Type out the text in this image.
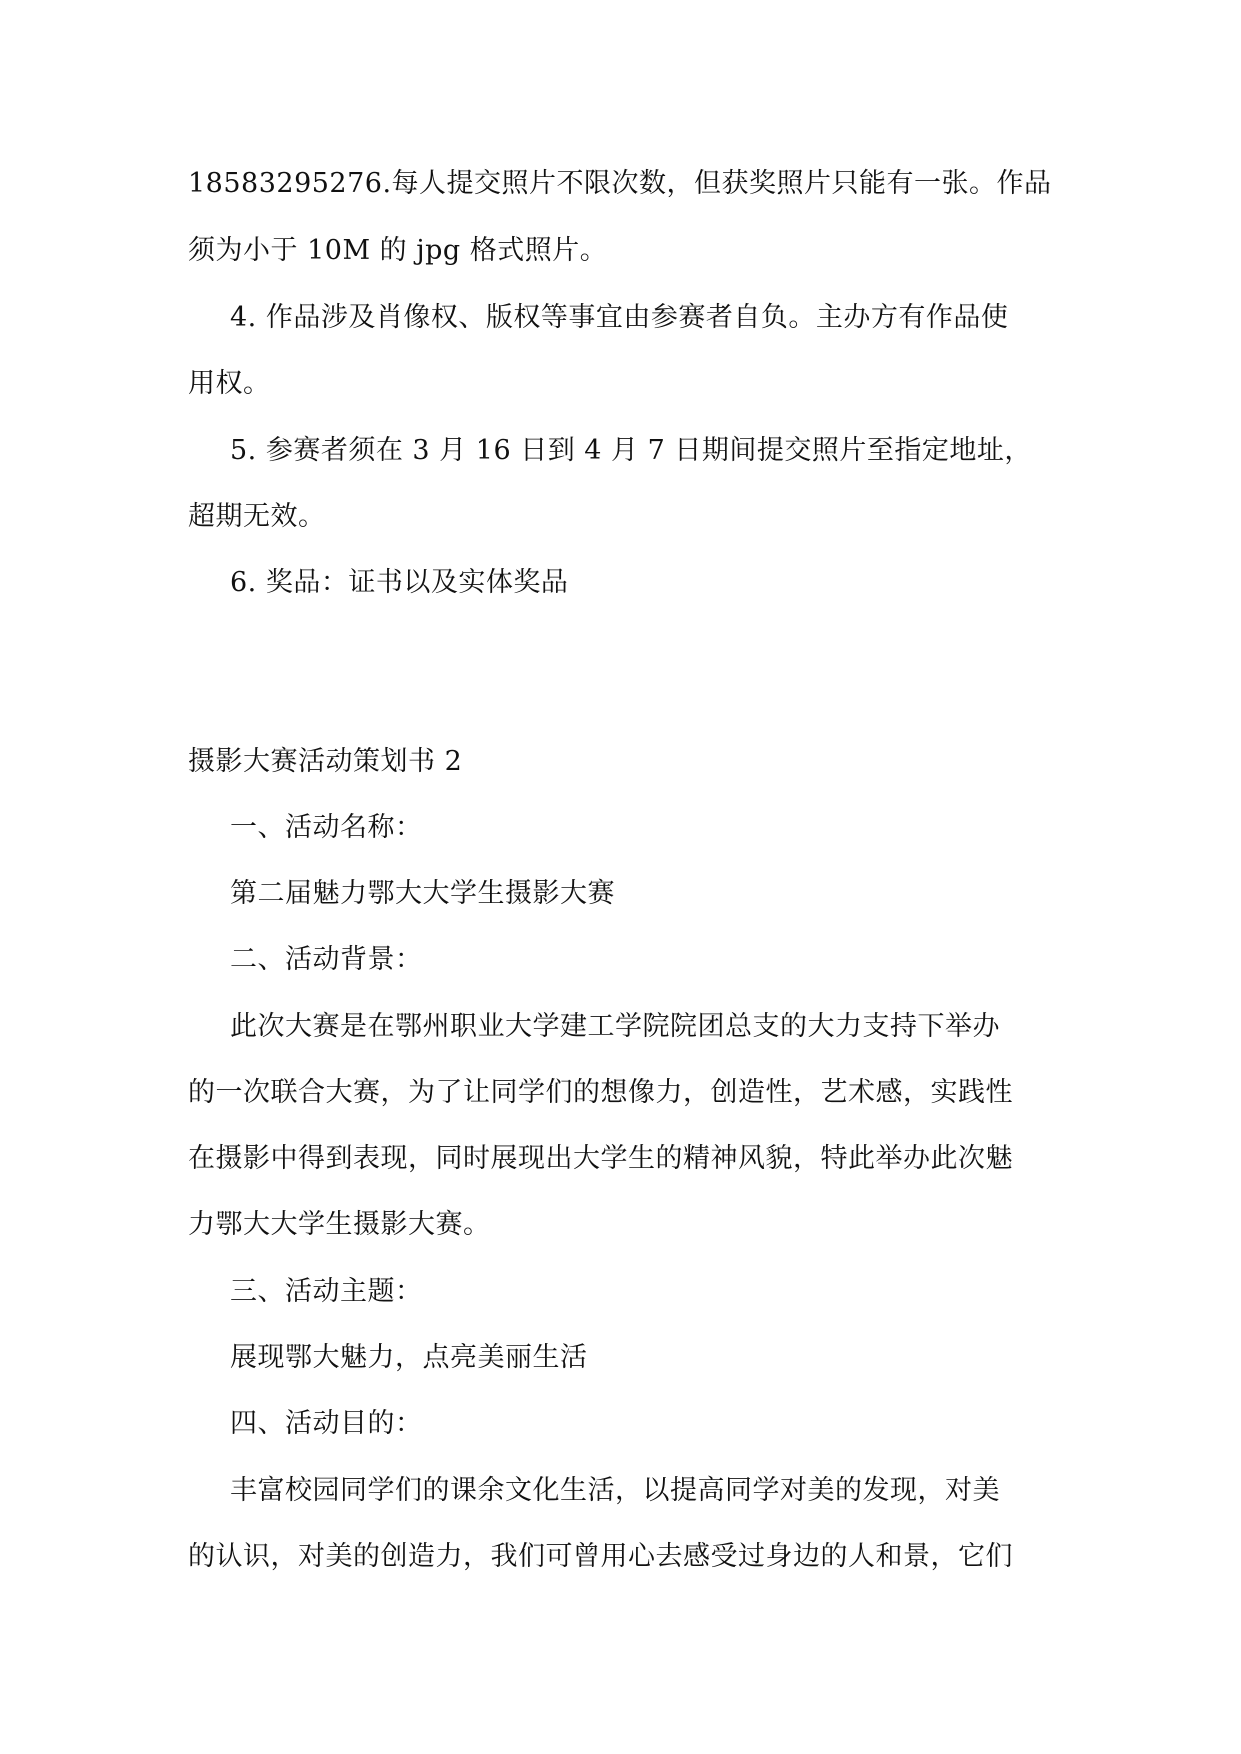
18583295276.每人提交照片不限次数，但获奖照片只能有一张。作品
须为小于 10M 的 jpg 格式照片。
4. 作品涉及肖像权、版权等事宜由参赛者自负。主办方有作品使
用权。
5. 参赛者须在 3 月 16 日到 4 月 7 日期间提交照片至指定地址，
超期无效。
6. 奖品：证书以及实体奖品
摄影大赛活动策划书 2
一、活动名称：
第二届魅力鄂大大学生摄影大赛
二、活动背景：
此次大赛是在鄂州职业大学建工学院院团总支的大力支持下举办
的一次联合大赛，为了让同学们的想像力，创造性，艺术感，实践性
在摄影中得到表现，同时展现出大学生的精神风貌，特此举办此次魅
力鄂大大学生摄影大赛。
三、活动主题：
展现鄂大魅力，点亮美丽生活
四、活动目的：
丰富校园同学们的课余文化生活，以提高同学对美的发现，对美
的认识，对美的创造力，我们可曾用心去感受过身边的人和景，它们
